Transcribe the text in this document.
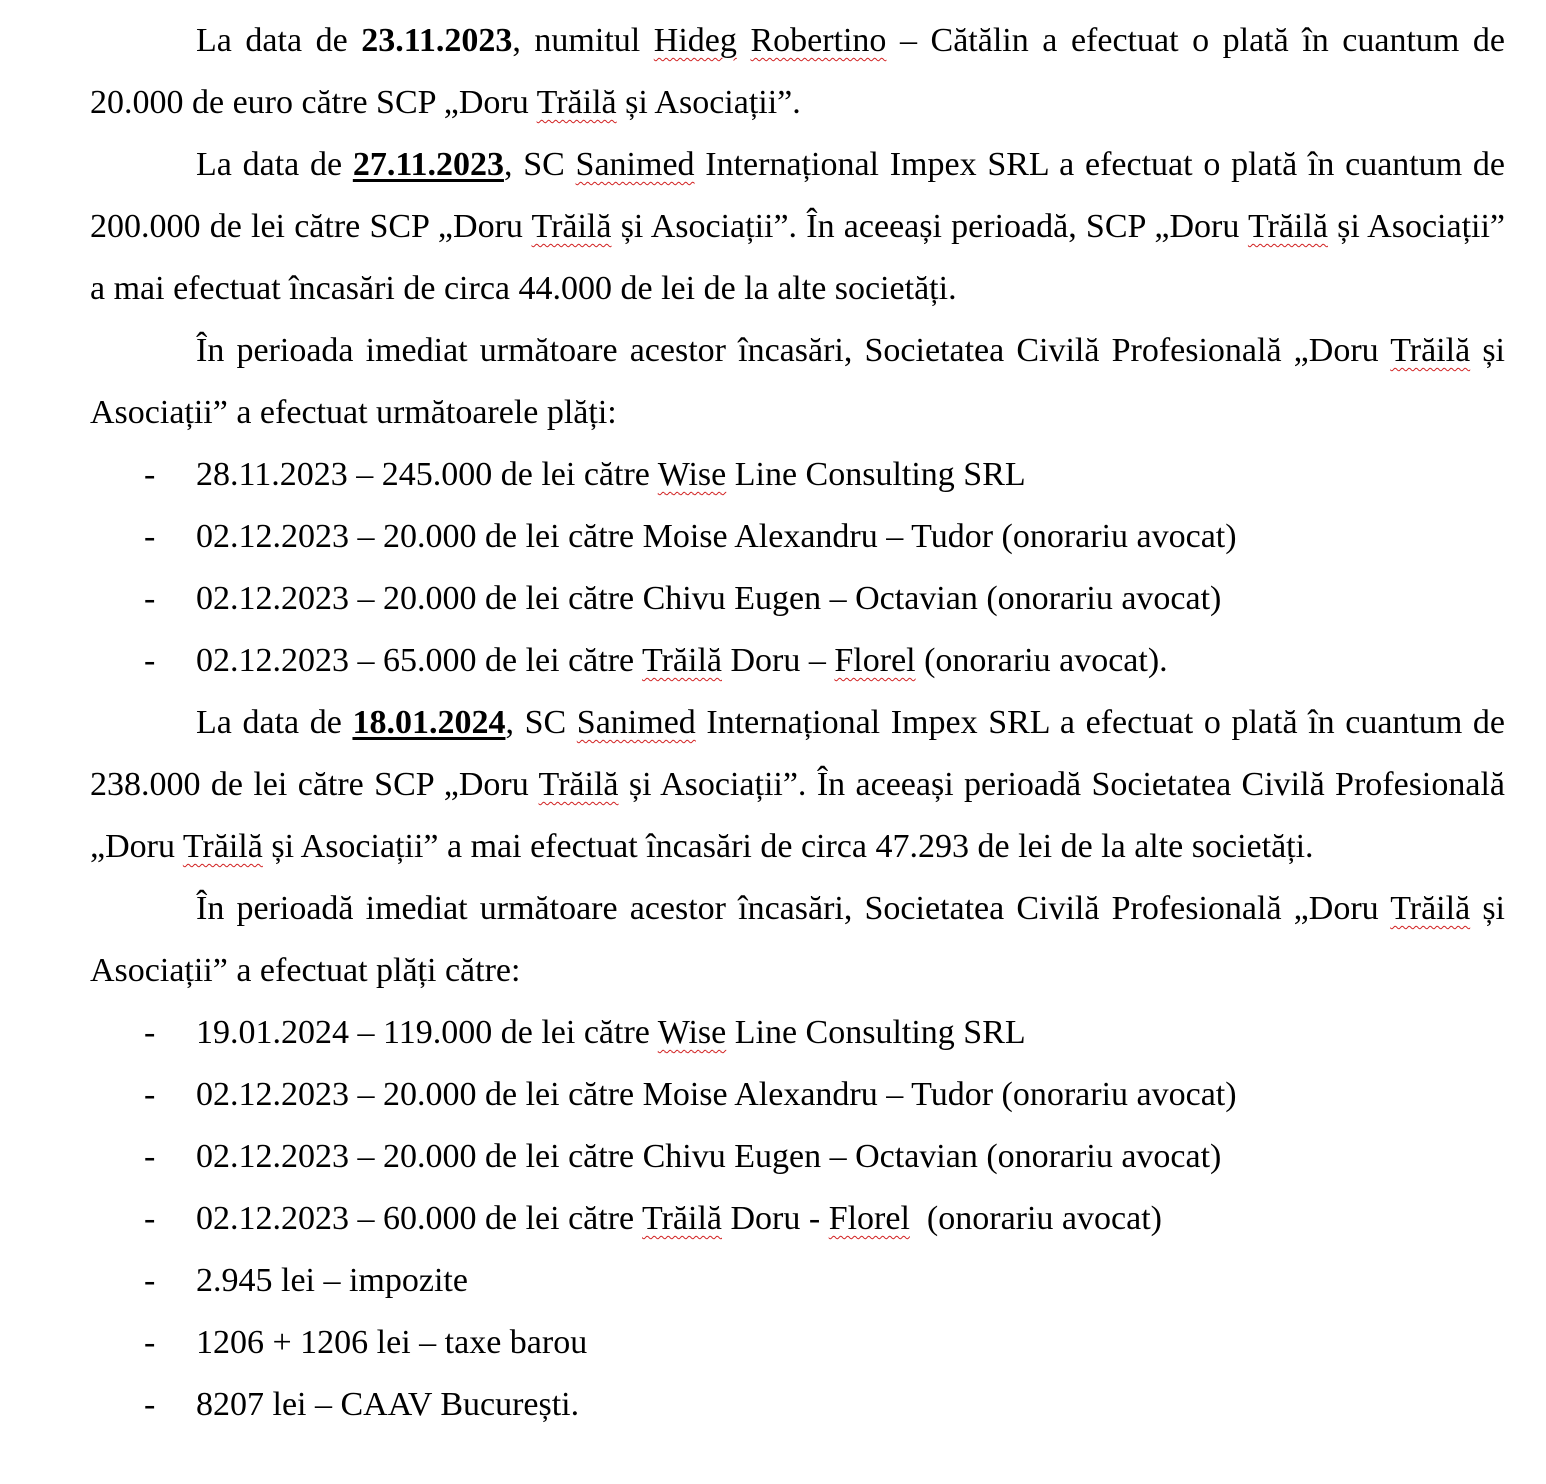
La data de 23.11.2023, numitul Hideg Robertino – Cătălin a efectuat o plată în cuantum de 20.000 de euro către SCP „Doru Trăilă și Asociații”.

La data de 27.11.2023, SC Sanimed Internațional Impex SRL a efectuat o plată în cuantum de 200.000 de lei către SCP „Doru Trăilă și Asociații”. În aceeași perioadă, SCP „Doru Trăilă și Asociații” a mai efectuat încasări de circa 44.000 de lei de la alte societăți.

În perioada imediat următoare acestor încasări, Societatea Civilă Profesională „Doru Trăilă și Asociații” a efectuat următoarele plăți:

- 28.11.2023 – 245.000 de lei către Wise Line Consulting SRL
- 02.12.2023 – 20.000 de lei către Moise Alexandru – Tudor (onorariu avocat)
- 02.12.2023 – 20.000 de lei către Chivu Eugen – Octavian (onorariu avocat)
- 02.12.2023 – 65.000 de lei către Trăilă Doru – Florel (onorariu avocat).

La data de 18.01.2024, SC Sanimed Internațional Impex SRL a efectuat o plată în cuantum de 238.000 de lei către SCP „Doru Trăilă și Asociații”. În aceeași perioadă Societatea Civilă Profesională „Doru Trăilă și Asociații” a mai efectuat încasări de circa 47.293 de lei de la alte societăți.

În perioadă imediat următoare acestor încasări, Societatea Civilă Profesională „Doru Trăilă și Asociații” a efectuat plăți către:

- 19.01.2024 – 119.000 de lei către Wise Line Consulting SRL
- 02.12.2023 – 20.000 de lei către Moise Alexandru – Tudor (onorariu avocat)
- 02.12.2023 – 20.000 de lei către Chivu Eugen – Octavian (onorariu avocat)
- 02.12.2023 – 60.000 de lei către Trăilă Doru - Florel  (onorariu avocat)
- 2.945 lei – impozite
- 1206 + 1206 lei – taxe barou
- 8207 lei – CAAV București.
